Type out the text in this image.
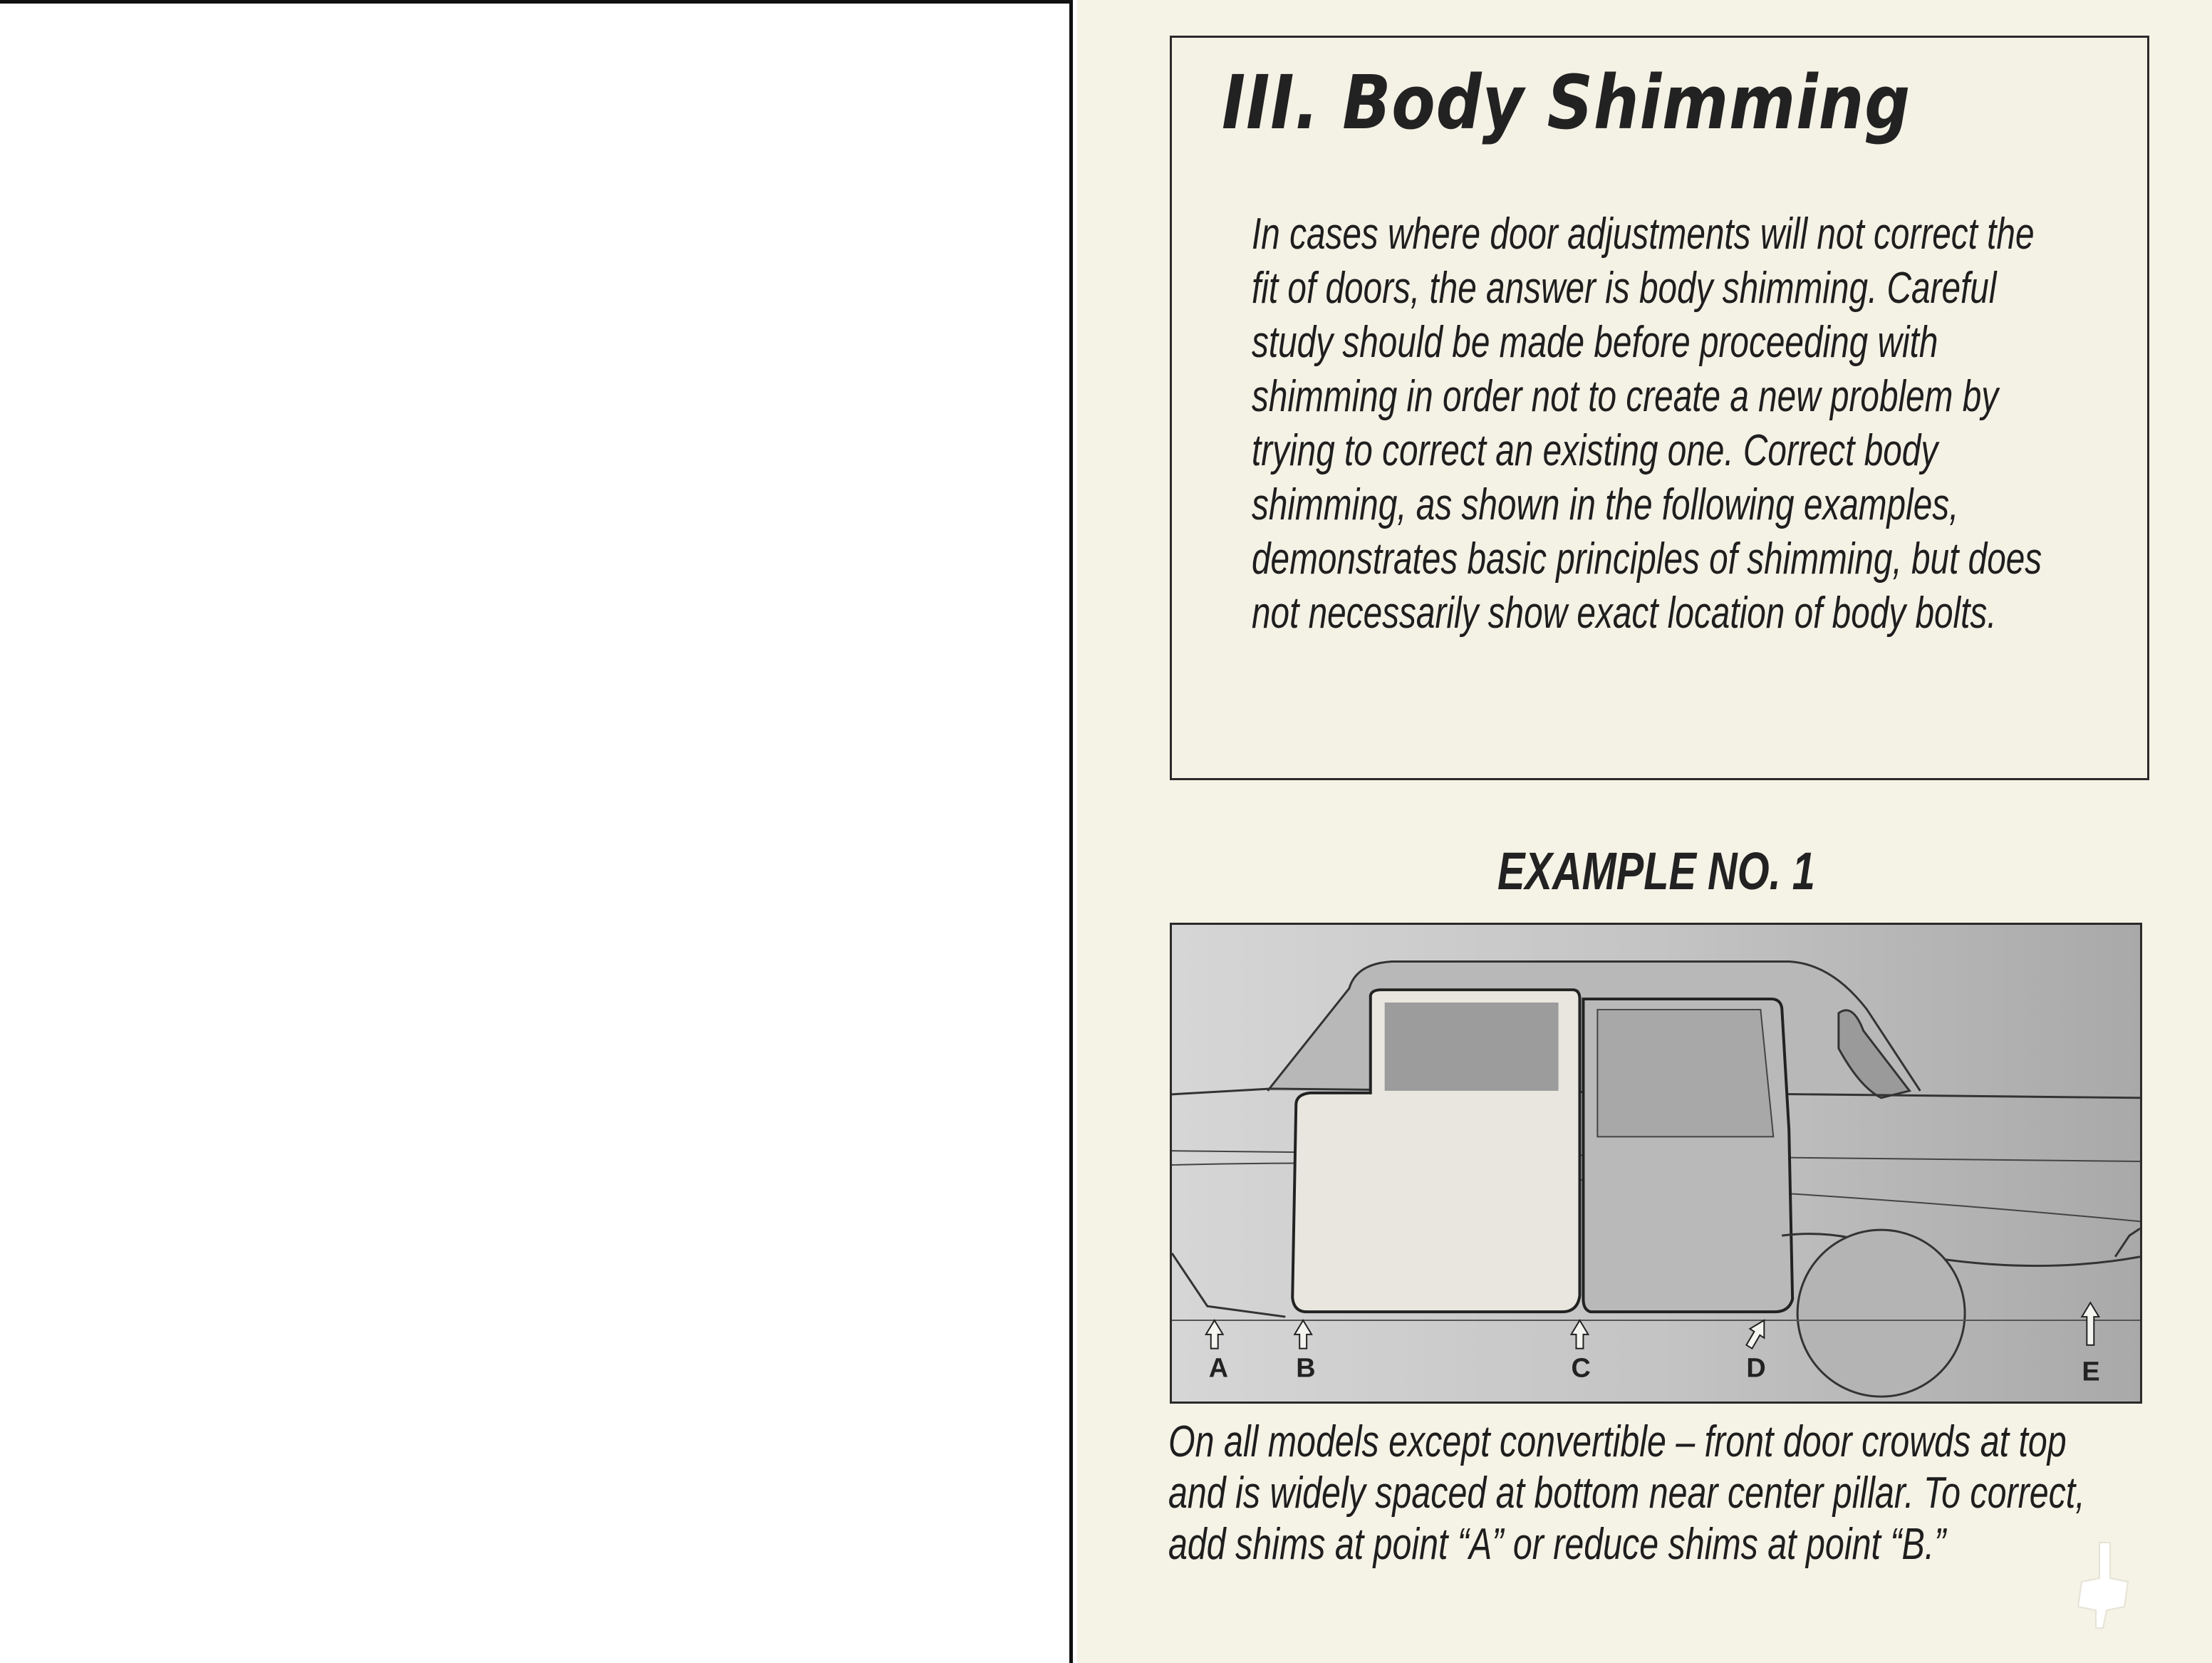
III. Body Shimming

In cases where door adjustments will not correct the fit of doors, the answer is body shimming. Careful study should be made before proceeding with shimming in order not to create a new problem by trying to correct an existing one. Correct body shimming, as shown in the following examples, demonstrates basic principles of shimming, but does not necessarily show exact location of body bolts.

EXAMPLE NO. 1
A	B	C	D	E

On all models except convertible – front door crowds at top and is widely spaced at bottom near center pillar. To correct, add shims at point “A” or reduce shims at point “B.”
